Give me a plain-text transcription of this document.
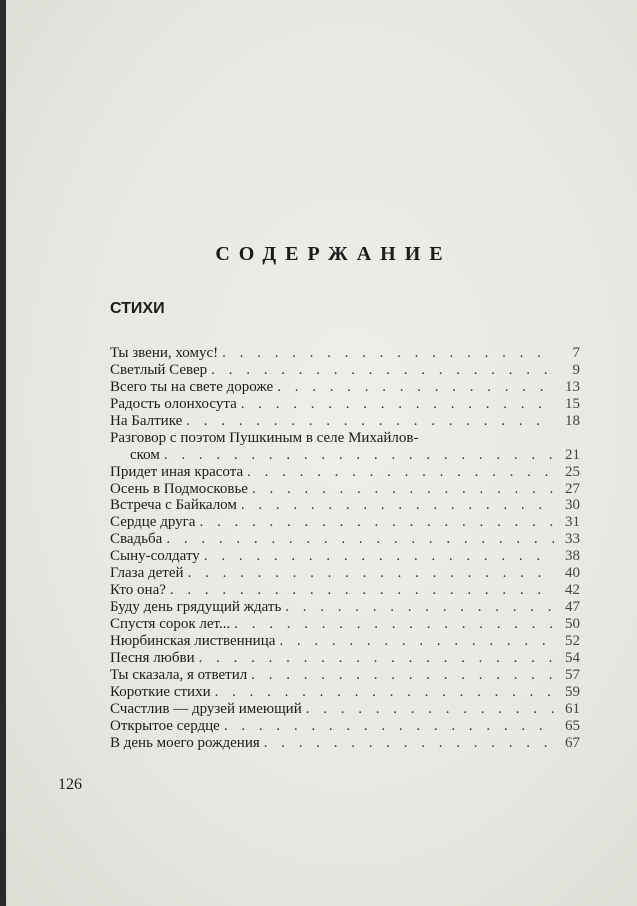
СОДЕРЖАНИЕ
СТИХИ
Ты звени, хомус! . . .	7
Светлый Север . . .	9
Всего ты на свете дороже . . .	13
Радость олонхосута . . .	15
На Балтике . . .	18
Разговор с поэтом Пушкиным в селе Михайлов-
ском . . .	21
Придет иная красота . . .	25
Осень в Подмосковье . . .	27
Встреча с Байкалом . . .	30
Сердце друга . . .	31
Свадьба . . .	33
Сыну-солдату . . .	38
Глаза детей . . .	40
Кто она? . . .	42
Буду день грядущий ждать . . .	47
Спустя сорок лет... . . .	50
Нюрбинская лиственница . . .	52
Песня любви . . .	54
Ты сказала, я ответил . . .	57
Короткие стихи . . .	59
Счастлив — друзей имеющий . . .	61
Открытое сердце . . .	65
В день моего рождения . . .	67
126
